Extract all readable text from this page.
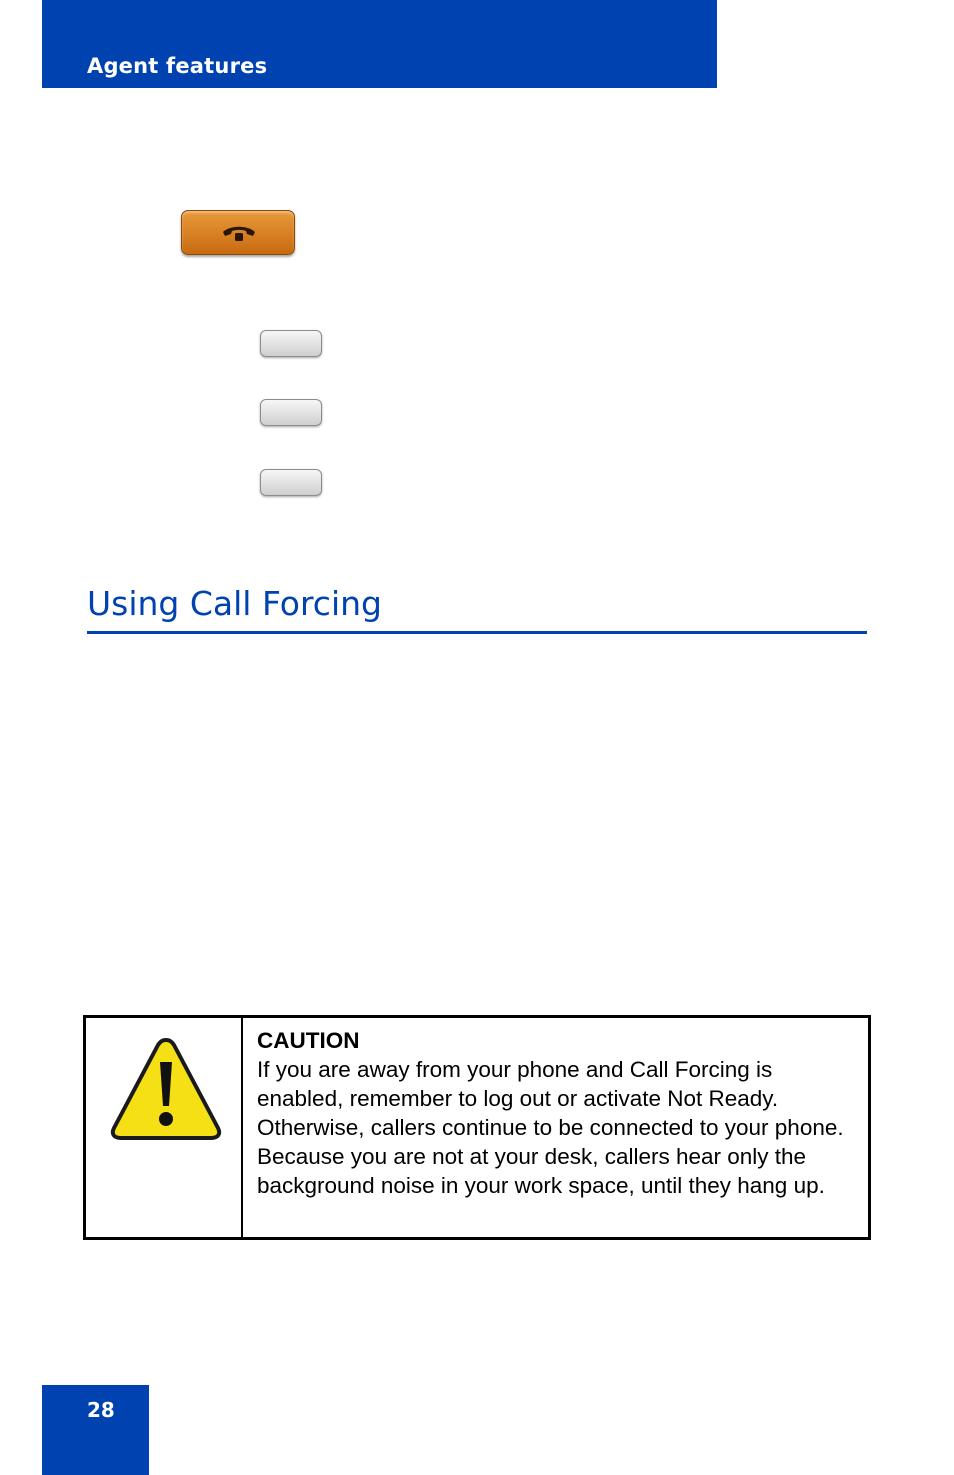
Agent features
Using Call Forcing
CAUTION
If you are away from your phone and Call Forcing is enabled, remember to log out or activate Not Ready. Otherwise, callers continue to be connected to your phone. Because you are not at your desk, callers hear only the background noise in your work space, until they hang up.
28
